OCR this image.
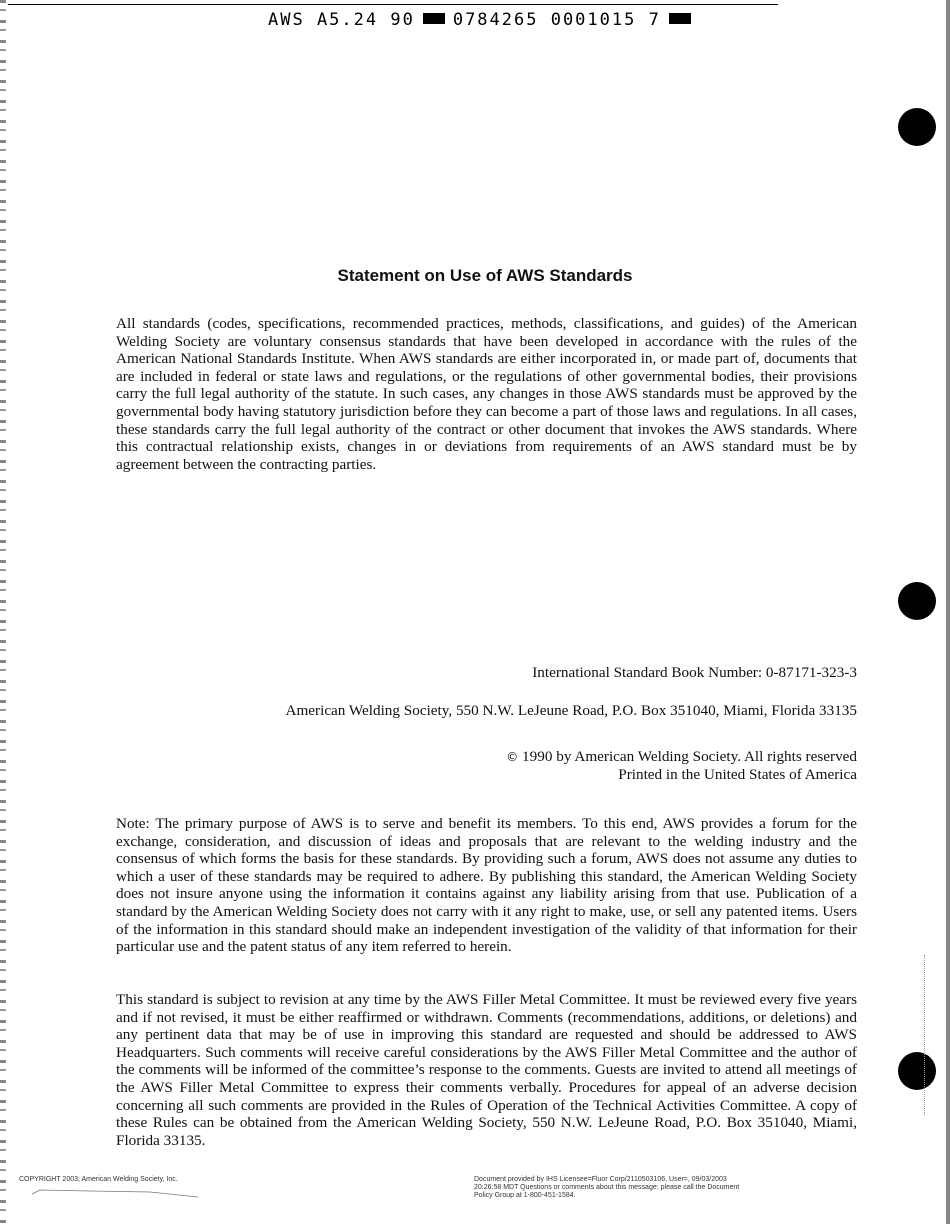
AWS A5.24 90 0784265 0001015 7
Statement on Use of AWS Standards

All standards (codes, specifications, recommended practices, methods, classifications, and guides) of the American Welding Society are voluntary consensus standards that have been developed in accordance with the rules of the American National Standards Institute. When AWS standards are either incorporated in, or made part of, documents that are included in federal or state laws and regulations, or the regulations of other governmental bodies, their provisions carry the full legal authority of the statute. In such cases, any changes in those AWS standards must be approved by the governmental body having statutory jurisdiction before they can become a part of those laws and regulations. In all cases, these standards carry the full legal authority of the contract or other document that invokes the AWS standards. Where this contractual relationship exists, changes in or deviations from requirements of an AWS standard must be by agreement between the contracting parties.

International Standard Book Number: 0-87171-323-3
American Welding Society, 550 N.W. LeJeune Road, P.O. Box 351040, Miami, Florida 33135
© 1990 by American Welding Society. All rights reserved
Printed in the United States of America

Note: The primary purpose of AWS is to serve and benefit its members. To this end, AWS provides a forum for the exchange, consideration, and discussion of ideas and proposals that are relevant to the welding industry and the consensus of which forms the basis for these standards. By providing such a forum, AWS does not assume any duties to which a user of these standards may be required to adhere. By publishing this standard, the American Welding Society does not insure anyone using the information it contains against any liability arising from that use. Publication of a standard by the American Welding Society does not carry with it any right to make, use, or sell any patented items. Users of the information in this standard should make an independent investigation of the validity of that information for their particular use and the patent status of any item referred to herein.

This standard is subject to revision at any time by the AWS Filler Metal Committee. It must be reviewed every five years and if not revised, it must be either reaffirmed or withdrawn. Comments (recommendations, additions, or deletions) and any pertinent data that may be of use in improving this standard are requested and should be addressed to AWS Headquarters. Such comments will receive careful considerations by the AWS Filler Metal Committee and the author of the comments will be informed of the committee’s response to the comments. Guests are invited to attend all meetings of the AWS Filler Metal Committee to express their comments verbally. Procedures for appeal of an adverse decision concerning all such comments are provided in the Rules of Operation of the Technical Activities Committee. A copy of these Rules can be obtained from the American Welding Society, 550 N.W. LeJeune Road, P.O. Box 351040, Miami, Florida 33135.

COPYRIGHT 2003; American Welding Society, Inc.	Document provided by IHS Licensee=Fluor Corp/2110503106, User=, 09/03/2003
20:26:58 MDT Questions or comments about this message: please call the Document
Policy Group at 1-800-451-1584.
